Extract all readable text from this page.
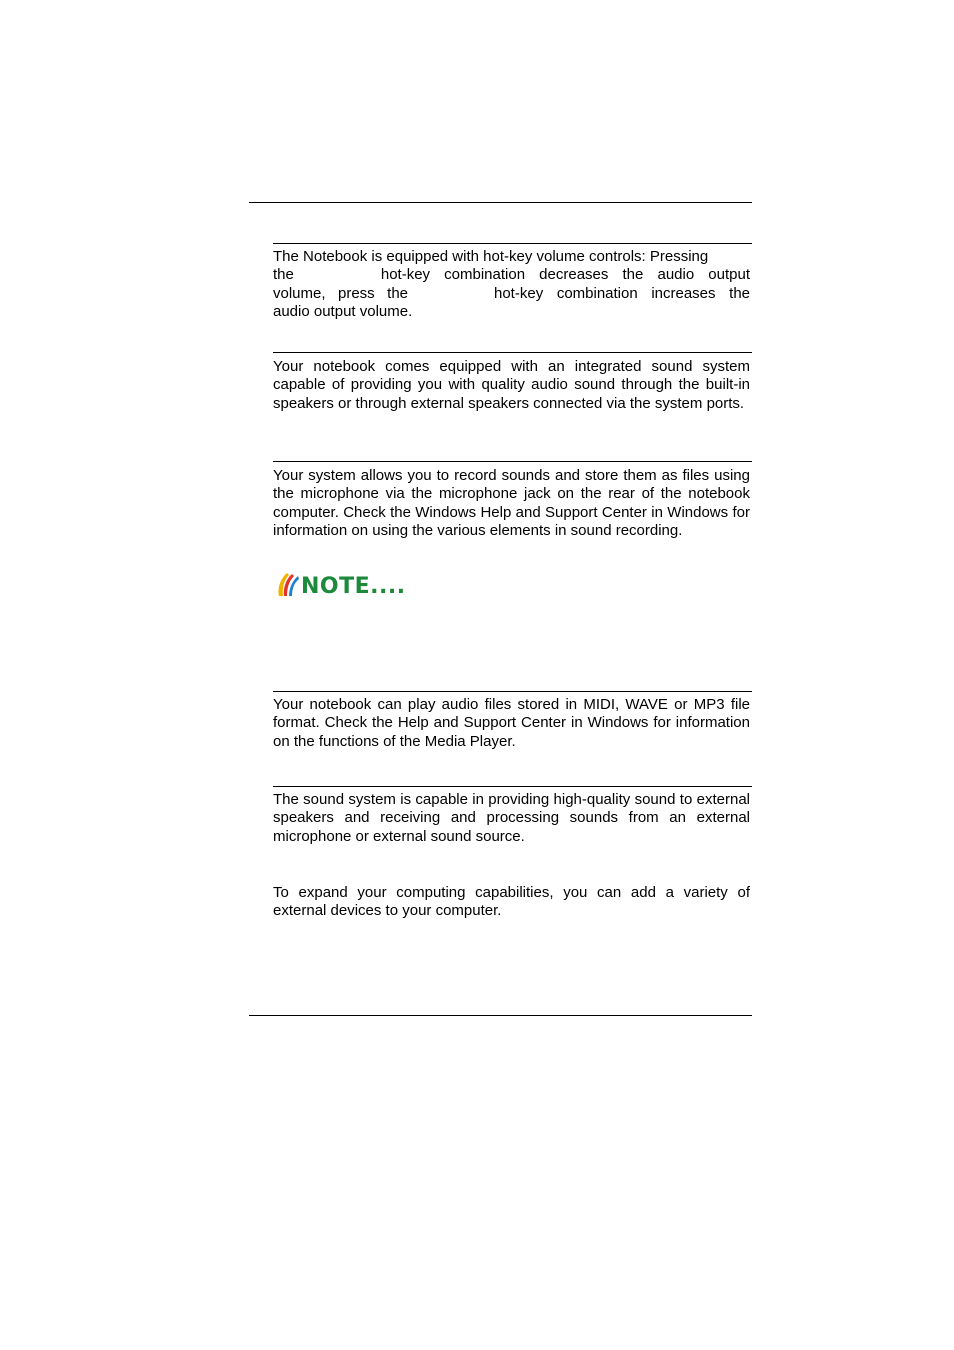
The Notebook is equipped with hot-key volume controls: Pressing
the	hot-key combination decreases the audio output
volume, press the	hot-key combination increases the
audio output volume.

Your notebook comes equipped with an integrated sound system capable of providing you with quality audio sound through the built-in speakers or through external speakers connected via the system ports.

Your system allows you to record sounds and store them as files using the microphone via the microphone jack on the rear of the notebook computer. Check the Windows Help and Support Center in Windows for information on using the various elements in sound recording.

NOTE....

Your notebook can play audio files stored in MIDI, WAVE or MP3 file format. Check the Help and Support Center in Windows for information on the functions of the Media Player.

The sound system is capable in providing high-quality sound to external speakers and receiving and processing sounds from an external microphone or external sound source.

To expand your computing capabilities, you can add a variety of external devices to your computer.
